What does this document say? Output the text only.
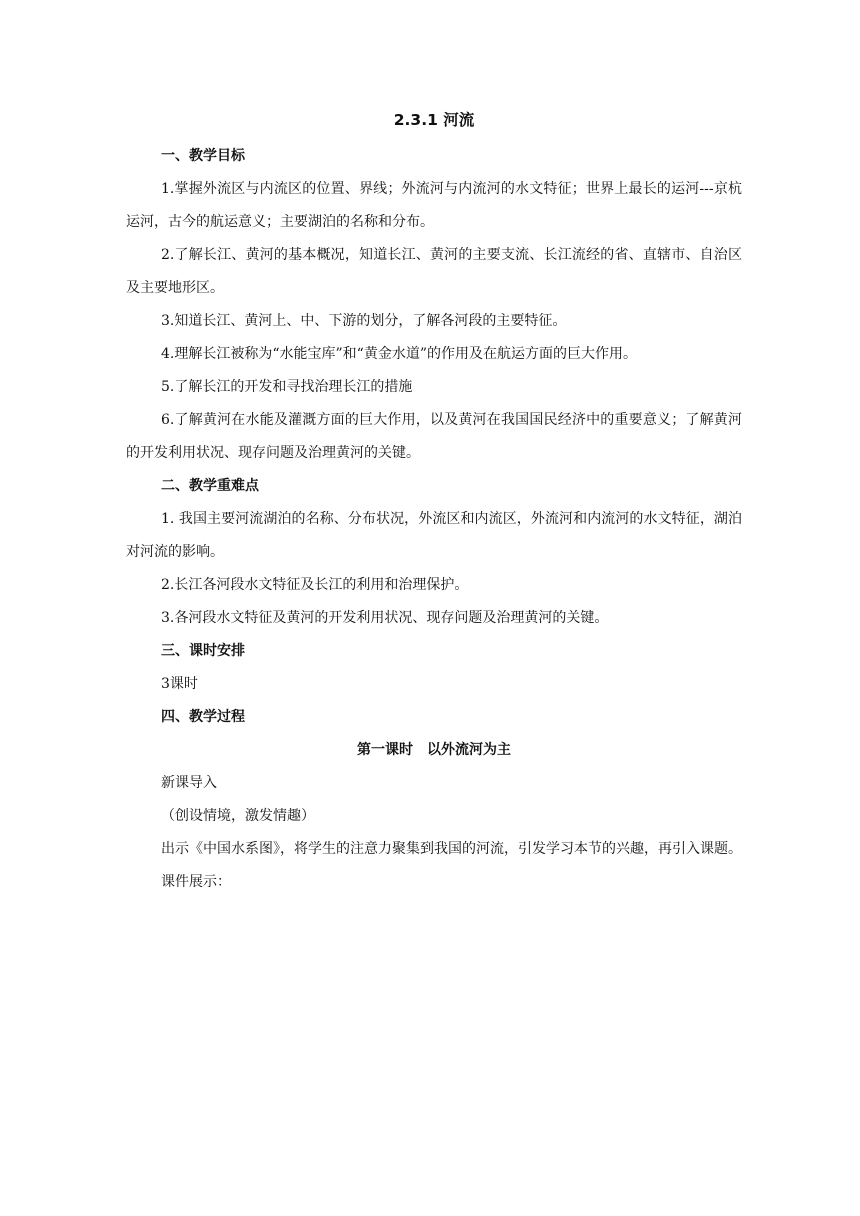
2.3.1 河流
一、教学目标

1.掌握外流区与内流区的位置、界线；外流河与内流河的水文特征；世界上最长的运河---京杭运河，古今的航运意义；主要湖泊的名称和分布。

2.了解长江、黄河的基本概况，知道长江、黄河的主要支流、长江流经的省、直辖市、自治区及主要地形区。

3.知道长江、黄河上、中、下游的划分，了解各河段的主要特征。

4.理解长江被称为“水能宝库”和“黄金水道”的作用及在航运方面的巨大作用。

5.了解长江的开发和寻找治理长江的措施

6.了解黄河在水能及灌溉方面的巨大作用，以及黄河在我国国民经济中的重要意义；了解黄河的开发利用状况、现存问题及治理黄河的关键。

二、教学重难点

1. 我国主要河流湖泊的名称、分布状况，外流区和内流区，外流河和内流河的水文特征，湖泊对河流的影响。

2.长江各河段水文特征及长江的利用和治理保护。

3.各河段水文特征及黄河的开发利用状况、现存问题及治理黄河的关键。

三、课时安排

3课时

四、教学过程
第一课时　以外流河为主

新课导入

（创设情境，激发情趣）

出示《中国水系图》，将学生的注意力聚集到我国的河流，引发学习本节的兴趣，再引入课题。

课件展示：
